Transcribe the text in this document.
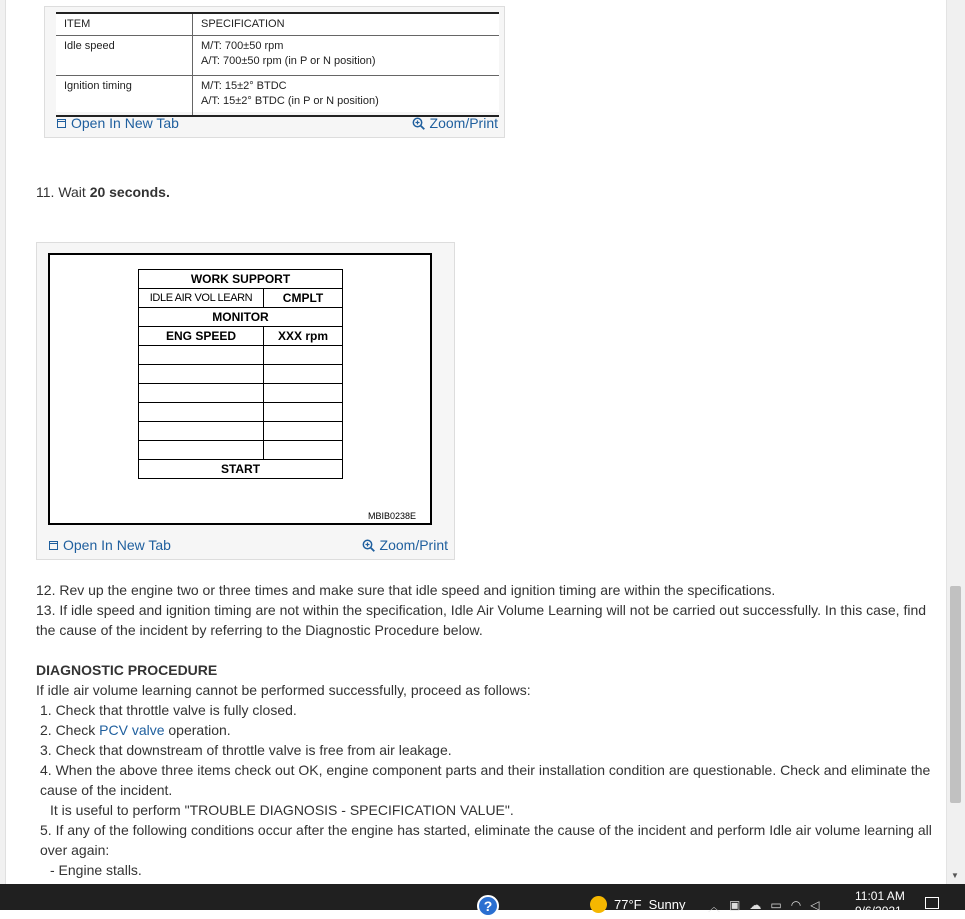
ITEM	SPECIFICATION
Idle speed	M/T: 700±50 rpm
A/T: 700±50 rpm (in P or N position)

Ignition timing	M/T: 15±2° BTDC
A/T: 15±2° BTDC (in P or N position)
Open In New Tab	Zoom/Print
11. Wait 20 seconds.
WORK SUPPORT	
IDLE AIR VOL LEARN	CMPLT
MONITOR	
ENG SPEED	XXX rpm

START	
MBIB0238E
Open In New Tab	Zoom/Print

12. Rev up the engine two or three times and make sure that idle speed and ignition timing are within the specifications.

13. If idle speed and ignition timing are not within the specification, Idle Air Volume Learning will not be carried out successfully. In this case, find the cause of the incident by referring to the Diagnostic Procedure below.

DIAGNOSTIC PROCEDURE

If idle air volume learning cannot be performed successfully, proceed as follows:

1. Check that throttle valve is fully closed.

2. Check PCV valve operation.

3. Check that downstream of throttle valve is free from air leakage.

4. When the above three items check out OK, engine component parts and their installation condition are questionable. Check and eliminate the cause of the incident.

It is useful to perform "TROUBLE DIAGNOSIS - SPECIFICATION VALUE".

5. If any of the following conditions occur after the engine has started, eliminate the cause of the incident and perform Idle air volume learning all over again:

- Engine stalls.	▼
?	77°F Sunny ︿ ▣ ☁ ▭ ◠ ◁
11:01 AM
9/6/2021
